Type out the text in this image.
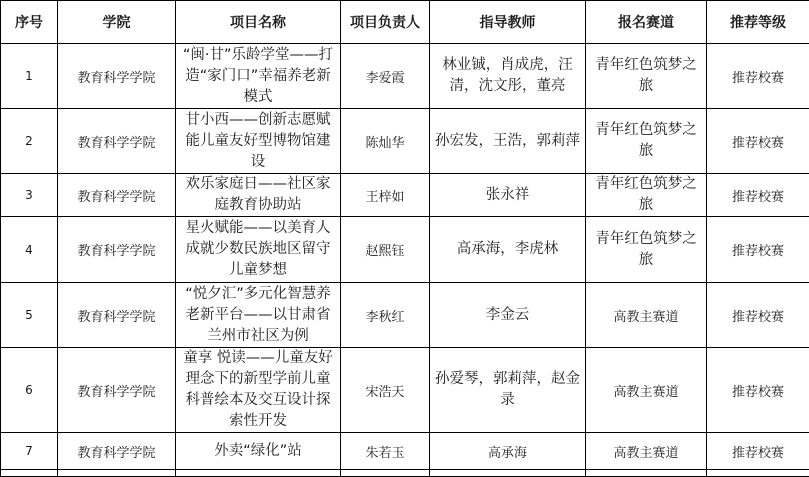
序号	学院	项目名称	项目负责人	指导教师	报名赛道	推荐等级
1	教育科学学院	“闽·甘”乐龄学堂——打造“家门口”幸福养老新模式	李爱霞	林业铖，肖成虎，汪清，沈文彤，董亮	青年红色筑梦之旅	推荐校赛
2	教育科学学院	甘小西——创新志愿赋能儿童友好型博物馆建设	陈灿华	孙宏发，王浩，郭莉萍	青年红色筑梦之旅	推荐校赛
3	教育科学学院	欢乐家庭日——社区家庭教育协助站	王梓如	张永祥	青年红色筑梦之旅	推荐校赛
4	教育科学学院	星火赋能——以美育人成就少数民族地区留守儿童梦想	赵熙钰	高承海，李虎林	青年红色筑梦之旅	推荐校赛
5	教育科学学院	“悦夕汇”多元化智慧养老新平台——以甘肃省兰州市社区为例	李秋红	李金云	高教主赛道	推荐校赛
6	教育科学学院	童享 悦读——儿童友好理念下的新型学前儿童科普绘本及交互设计探索性开发	宋浩天	孙爱琴，郭莉萍，赵金录	高教主赛道	推荐校赛
7	教育科学学院	外卖“绿化”站	朱若玉	高承海	高教主赛道	推荐校赛
